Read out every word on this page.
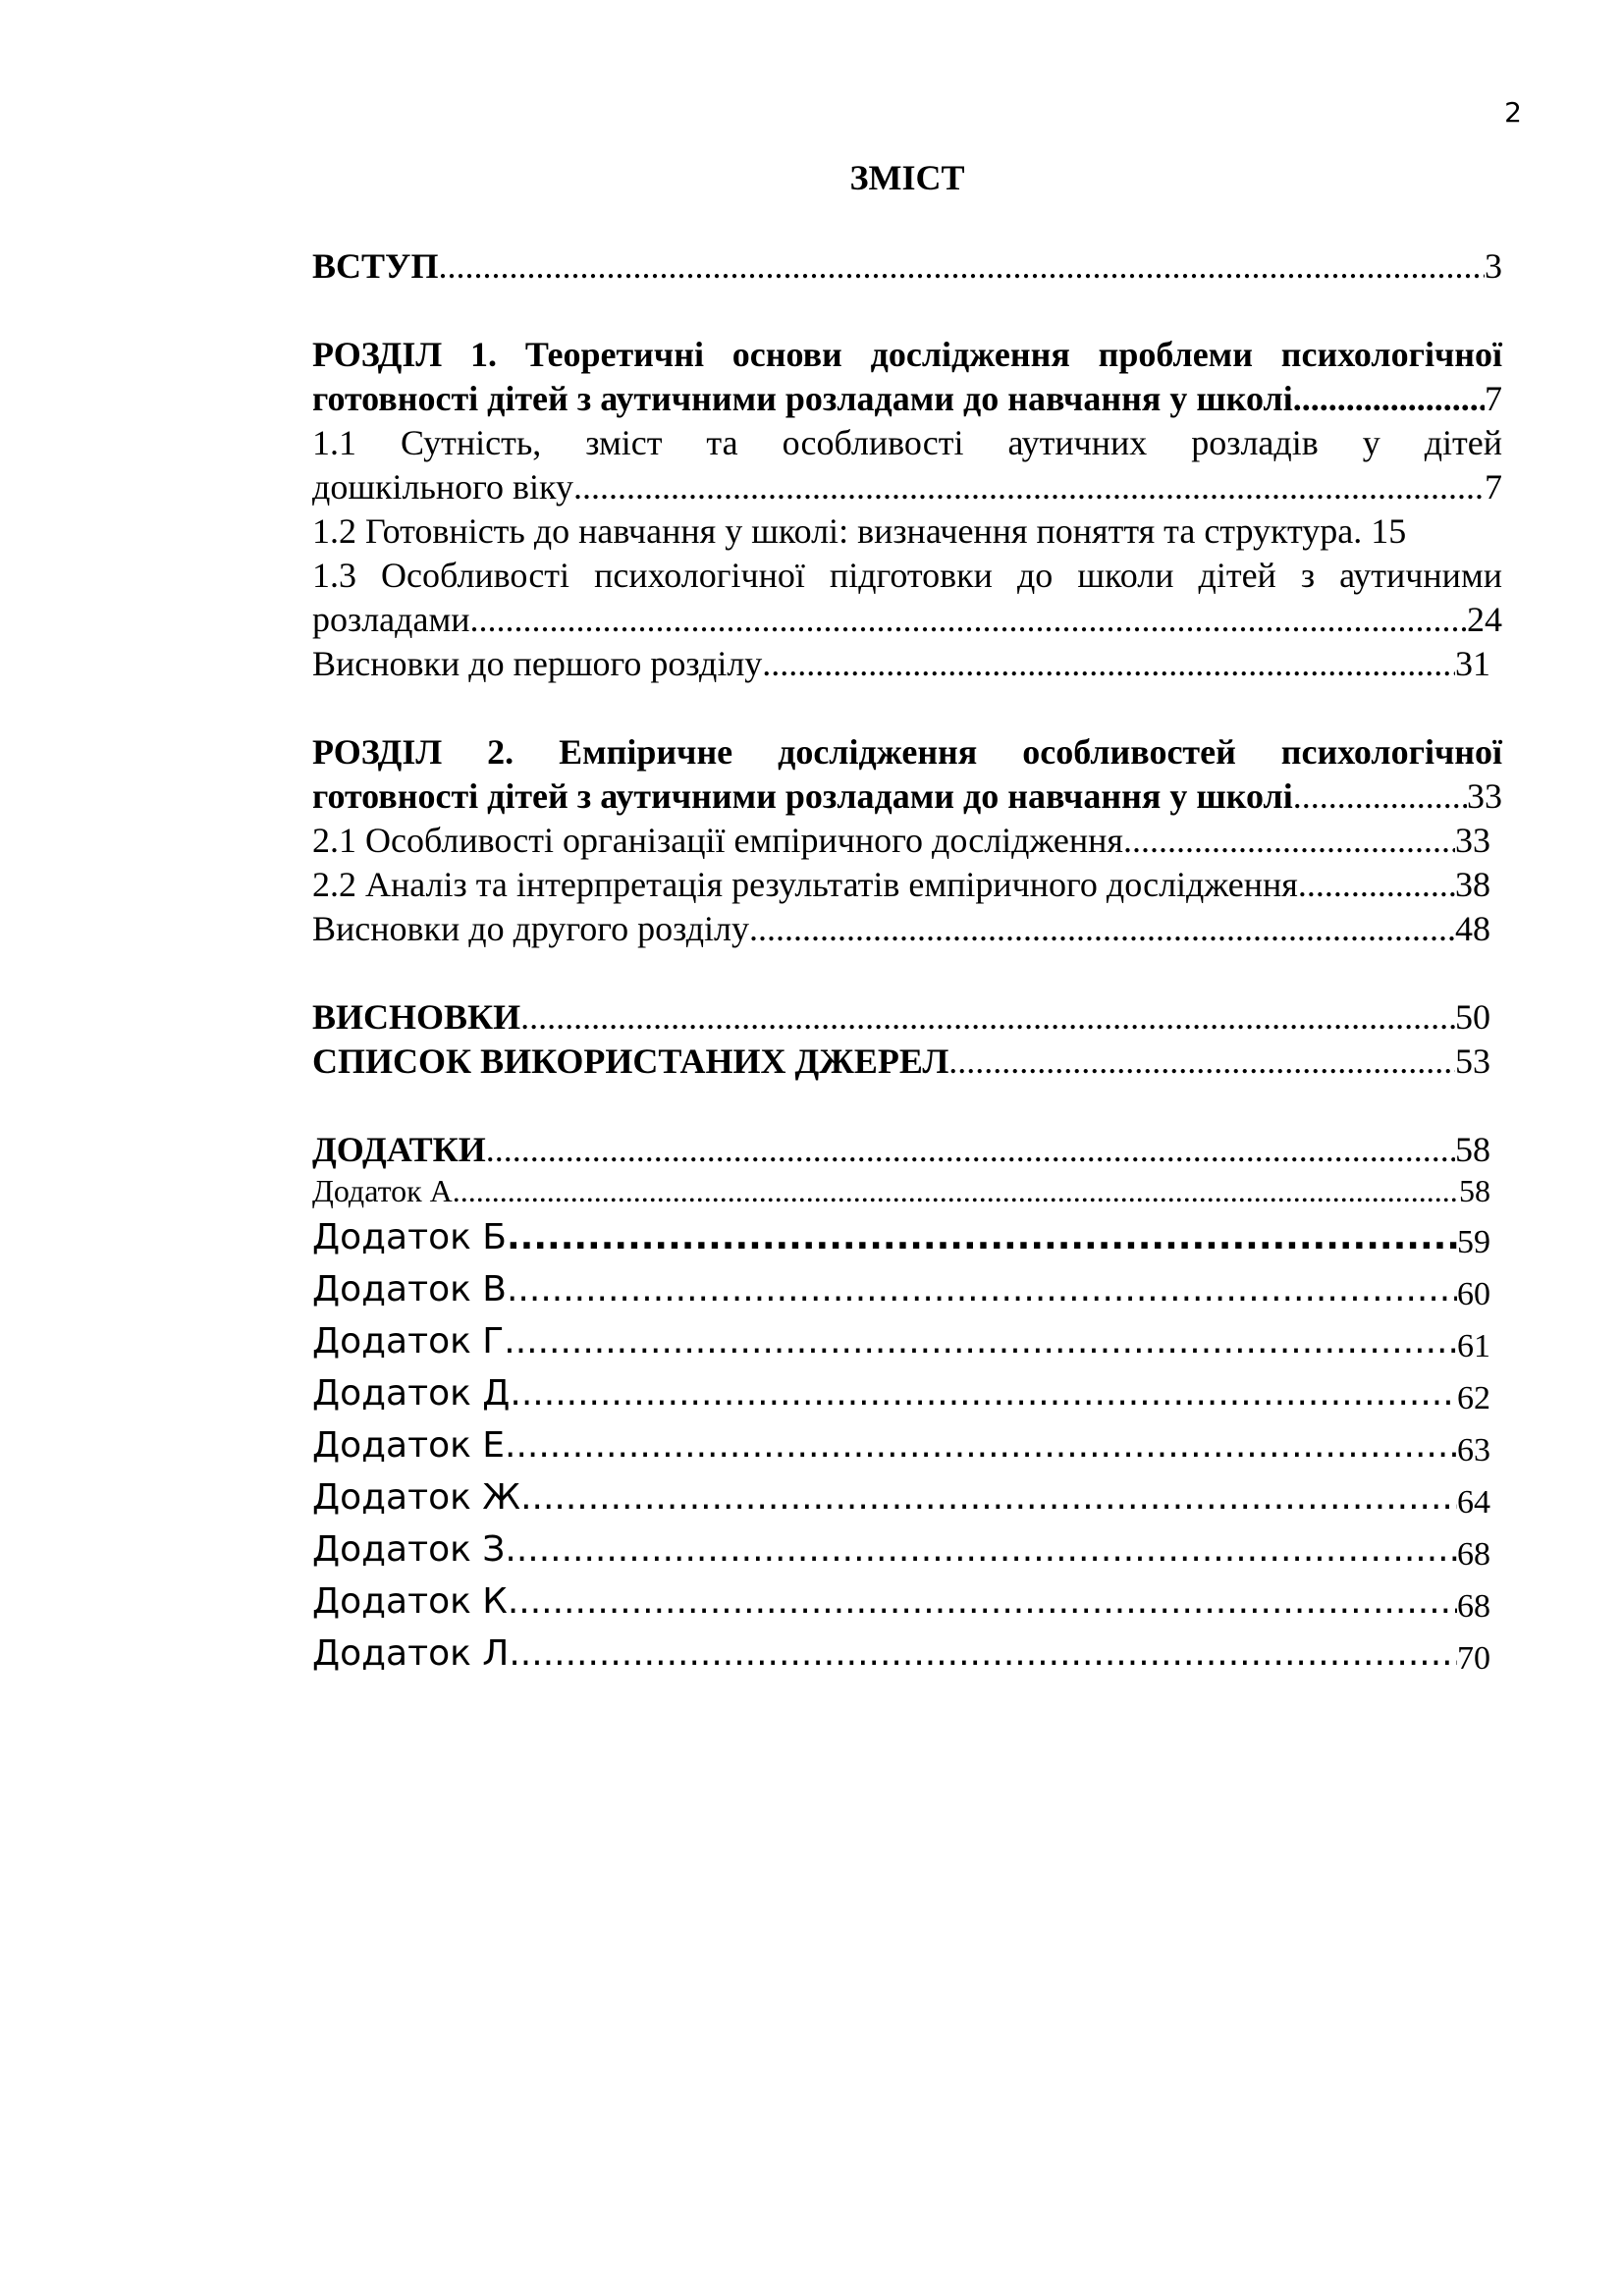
2
ЗМІСТ
ВСТУП .....	3
РОЗДІЛ 1. Теоретичні основи дослідження проблеми психологічної
готовності дітей з аутичними розладами до навчання у школі .....	7
1.1 Сутність, зміст та особливості аутичних розладів у дітей
дошкільного віку .....	7
1.2 Готовність до навчання у школі: визначення поняття та структура. 15
1.3 Особливості психологічної підготовки до школи дітей з аутичними
розладами .....	24
Висновки до першого розділу .....	31
РОЗДІЛ 2. Емпіричне дослідження особливостей психологічної
готовності дітей з аутичними розладами до навчання у школі .....	33
2.1 Особливості організації емпіричного дослідження .....	33
2.2 Аналіз та інтерпретація результатів емпіричного дослідження .....	38
Висновки до другого розділу .....	48
ВИСНОВКИ .....	50
СПИСОК ВИКОРИСТАНИХ ДЖЕРЕЛ .....	53
ДОДАТКИ .....	58
Додаток А .....	58
Додаток Б .....	59
Додаток В .....	60
Додаток Г .....	61
Додаток Д .....	62
Додаток Е .....	63
Додаток Ж .....	64
Додаток З .....	68
Додаток К .....	68
Додаток Л .....	70
